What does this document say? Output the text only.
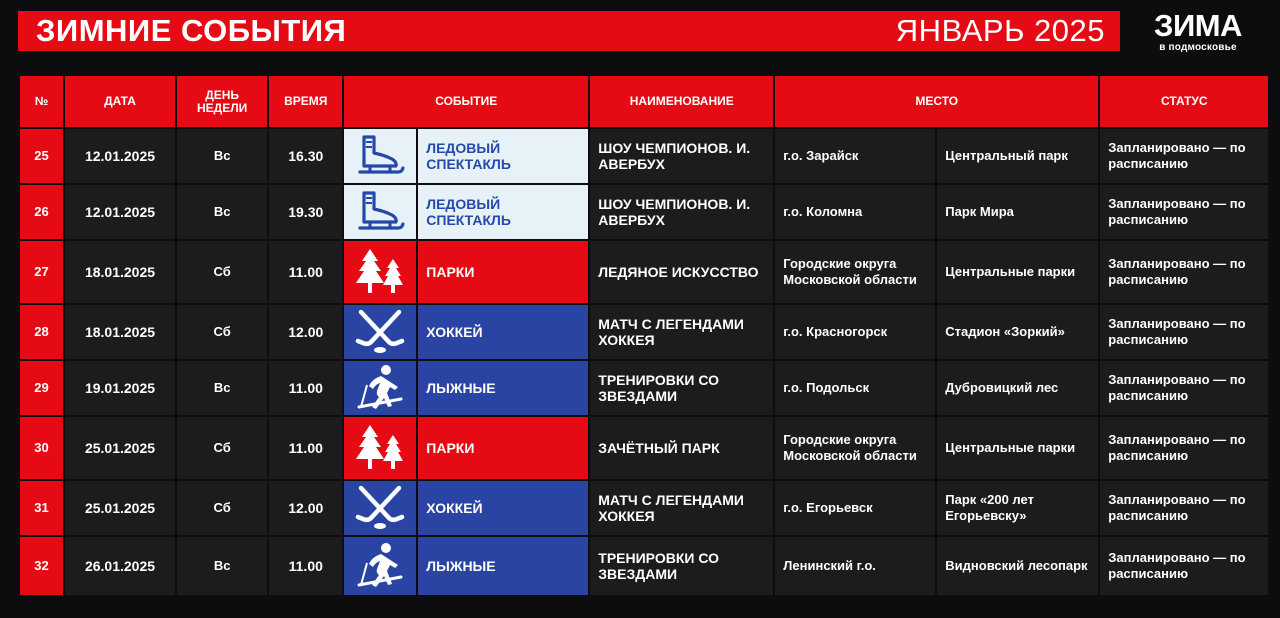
ЗИМНИЕ СОБЫТИЯ	ЯНВАРЬ 2025	ЗИМА
в подмосковье
№	ДАТА	ДЕНЬ НЕДЕЛИ	ВРЕМЯ	СОБЫТИЕ		НАИМЕНОВАНИЕ	МЕСТО		СТАТУС
25	12.01.2025	Вс	16.30		ЛЕДОВЫЙ СПЕКТАКЛЬ	ШОУ ЧЕМПИОНОВ. И. АВЕРБУХ	г.о. Зарайск	Центральный парк	Запланировано — по расписанию
26	12.01.2025	Вс	19.30		ЛЕДОВЫЙ СПЕКТАКЛЬ	ШОУ ЧЕМПИОНОВ. И. АВЕРБУХ	г.о. Коломна	Парк Мира	Запланировано — по расписанию
27	18.01.2025	Сб	11.00		ПАРКИ	ЛЕДЯНОЕ ИСКУССТВО	Городские округа Московской области	Центральные парки	Запланировано — по расписанию
28	18.01.2025	Сб	12.00		ХОККЕЙ	МАТЧ С ЛЕГЕНДАМИ ХОККЕЯ	г.о. Красногорск	Стадион «Зоркий»	Запланировано — по расписанию
29	19.01.2025	Вс	11.00		ЛЫЖНЫЕ	ТРЕНИРОВКИ СО ЗВЕЗДАМИ	г.о. Подольск	Дубровицкий лес	Запланировано — по расписанию
30	25.01.2025	Сб	11.00		ПАРКИ	ЗАЧЁТНЫЙ ПАРК	Городские округа Московской области	Центральные парки	Запланировано — по расписанию
31	25.01.2025	Сб	12.00		ХОККЕЙ	МАТЧ С ЛЕГЕНДАМИ ХОККЕЯ	г.о. Егорьевск	Парк «200 лет Егорьевску»	Запланировано — по расписанию
32	26.01.2025	Вс	11.00		ЛЫЖНЫЕ	ТРЕНИРОВКИ СО ЗВЕЗДАМИ	Ленинский г.о.	Видновский лесопарк	Запланировано — по расписанию
